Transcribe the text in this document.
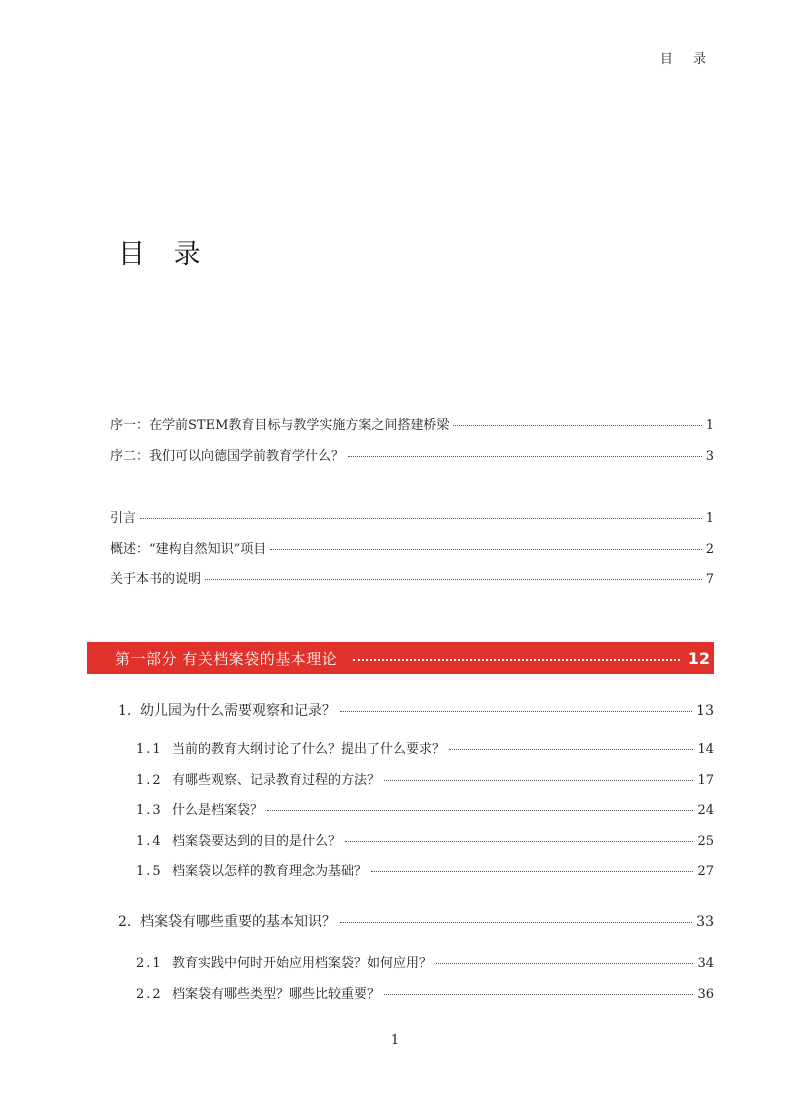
目 录
目 录
序一：在学前STEM教育目标与教学实施方案之间搭建桥梁	1
序二：我们可以向德国学前教育学什么？	3
引言	1
概述：“建构自然知识”项目	2
关于本书的说明	7
第一部分 有关档案袋的基本理论	12
1. 幼儿园为什么需要观察和记录？	13
1.1 当前的教育大纲讨论了什么？提出了什么要求？	14
1.2 有哪些观察、记录教育过程的方法？	17
1.3 什么是档案袋？	24
1.4 档案袋要达到的目的是什么？	25
1.5 档案袋以怎样的教育理念为基础？	27
2. 档案袋有哪些重要的基本知识？	33
2.1 教育实践中何时开始应用档案袋？如何应用？	34
2.2 档案袋有哪些类型？哪些比较重要？	36
1
